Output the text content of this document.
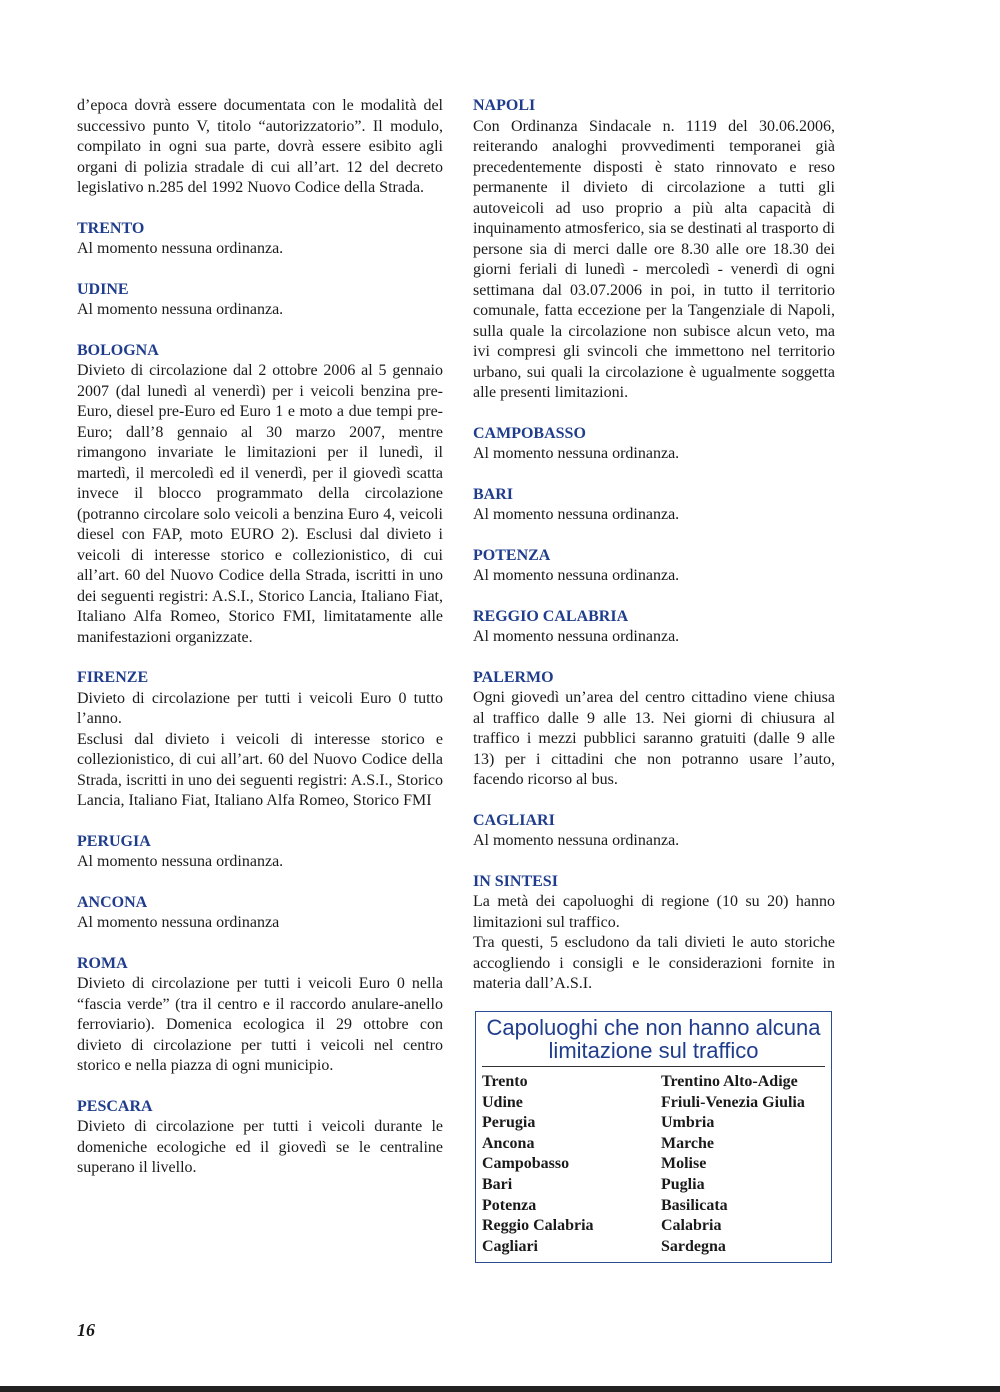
d’epoca dovrà essere documentata con le modalità del successivo punto V, titolo “autorizzatorio”. Il modulo, compilato in ogni sua parte, dovrà essere esibito agli organi di polizia stradale di cui all’art. 12 del decreto legislativo n.285 del 1992 Nuovo Codice della Strada.

TRENTO

Al momento nessuna ordinanza.

UDINE

Al momento nessuna ordinanza.

BOLOGNA

Divieto di circolazione dal 2 ottobre 2006 al 5 gennaio 2007 (dal lunedì al venerdì) per i veicoli benzina pre-Euro, diesel pre-Euro ed Euro 1 e moto a due tempi pre-Euro; dall’8 gennaio al 30 marzo 2007, mentre rimangono invariate le limitazioni per il lunedì, il martedì, il mercoledì ed il venerdì, per il giovedì scatta invece il blocco programmato della circolazione (potranno circolare solo veicoli a benzina Euro 4, veicoli diesel con FAP, moto EURO 2). Esclusi dal divieto i veicoli di interesse storico e collezionistico, di cui all’art. 60 del Nuovo Codice della Strada, iscritti in uno dei seguenti registri: A.S.I., Storico Lancia, Italiano Fiat, Italiano Alfa Romeo, Storico FMI, limitatamente alle manifestazioni organizzate.

FIRENZE

Divieto di circolazione per tutti i veicoli Euro 0 tutto l’anno.

Esclusi dal divieto i veicoli di interesse storico e collezionistico, di cui all’art. 60 del Nuovo Codice della Strada, iscritti in uno dei seguenti registri: A.S.I., Storico Lancia, Italiano Fiat, Italiano Alfa Romeo, Storico FMI

PERUGIA

Al momento nessuna ordinanza.

ANCONA

Al momento nessuna ordinanza

ROMA

Divieto di circolazione per tutti i veicoli Euro 0 nella “fascia verde” (tra il centro e il raccordo anulare-anello ferroviario). Domenica ecologica il 29 ottobre con divieto di circolazione per tutti i veicoli nel centro storico e nella piazza di ogni municipio.

PESCARA

Divieto di circolazione per tutti i veicoli durante le domeniche ecologiche ed il giovedì se le centraline superano il livello.

NAPOLI

Con Ordinanza Sindacale n. 1119 del 30.06.2006, reiterando analoghi provvedimenti temporanei già precedentemente disposti è stato rinnovato e reso permanente il divieto di circolazione a tutti gli autoveicoli ad uso proprio a più alta capacità di inquinamento atmosferico, sia se destinati al trasporto di persone sia di merci dalle ore 8.30 alle ore 18.30 dei giorni feriali di lunedì - mercoledì - venerdì di ogni settimana dal 03.07.2006 in poi, in tutto il territorio comunale, fatta eccezione per la Tangenziale di Napoli, sulla quale la circolazione non subisce alcun veto, ma ivi compresi gli svincoli che immettono nel territorio urbano, sui quali la circolazione è ugualmente soggetta alle presenti limitazioni.

CAMPOBASSO

Al momento nessuna ordinanza.

BARI

Al momento nessuna ordinanza.

POTENZA

Al momento nessuna ordinanza.

REGGIO CALABRIA

Al momento nessuna ordinanza.

PALERMO

Ogni giovedì un’area del centro cittadino viene chiusa al traffico dalle 9 alle 13. Nei giorni di chiusura al traffico i mezzi pubblici saranno gratuiti (dalle 9 alle 13) per i cittadini che non potranno usare l’auto, facendo ricorso al bus.

CAGLIARI

Al momento nessuna ordinanza.

IN SINTESI

La metà dei capoluoghi di regione (10 su 20) hanno limitazioni sul traffico.

Tra questi, 5 escludono da tali divieti le auto storiche accogliendo i consigli e le considerazioni fornite in materia dall’A.S.I.

Capoluoghi che non hanno alcuna
limitazione sul traffico
Trento
Udine
Perugia
Ancona
Campobasso
Bari
Potenza
Reggio Calabria
Cagliari
Trentino Alto-Adige
Friuli-Venezia Giulia
Umbria
Marche
Molise
Puglia
Basilicata
Calabria
Sardegna
16
